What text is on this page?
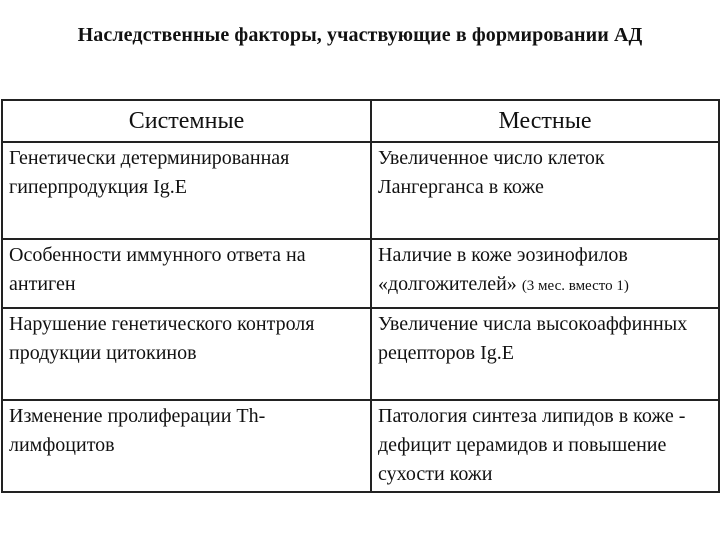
Наследственные факторы, участвующие в формировании АД
Системные	Местные
Генетически детерминированная гиперпродукция Ig.E	Увеличенное число клеток Лангерганса в коже
Особенности иммунного ответа на антиген	Наличие в коже эозинофилов «долгожителей» (3 мес. вместо 1)
Нарушение генетического контроля продукции цитокинов	Увеличение числа высокоаффинных рецепторов Ig.E
Изменение пролиферации Th-лимфоцитов	Патология синтеза липидов в коже - дефицит церамидов и повышение сухости кожи
